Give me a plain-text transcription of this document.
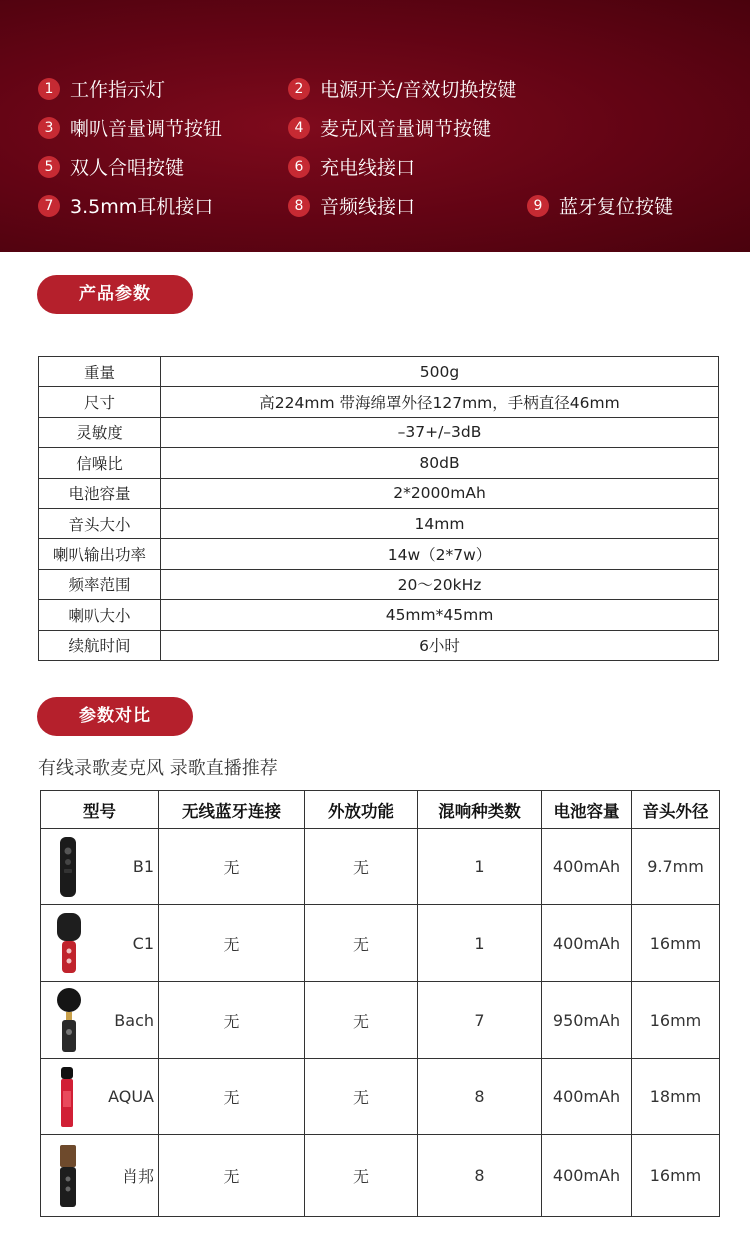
1 工作指示灯	2 电源开关/音效切换按键
3 喇叭音量调节按钮	4 麦克风音量调节按键
5 双人合唱按键	6 充电线接口
7 3.5mm耳机接口	8 音频线接口	9 蓝牙复位按键
产品参数
重量	500g
尺寸	高224mm 带海绵罩外径127mm，手柄直径46mm
灵敏度	–37+/–3dB
信噪比	80dB
电池容量	2*2000mAh
音头大小	14mm
喇叭输出功率	14w（2*7w）
频率范围	20～20kHz
喇叭大小	45mm*45mm
续航时间	6小时
参数对比
有线录歌麦克风 录歌直播推荐
型号	无线蓝牙连接	外放功能	混响种类数	电池容量	音头外径

B1	无	无	1	400mAh	9.7mm

C1	无	无	1	400mAh	16mm

Bach	无	无	7	950mAh	16mm

AQUA	无	无	8	400mAh	18mm

肖邦	无	无	8	400mAh	16mm
